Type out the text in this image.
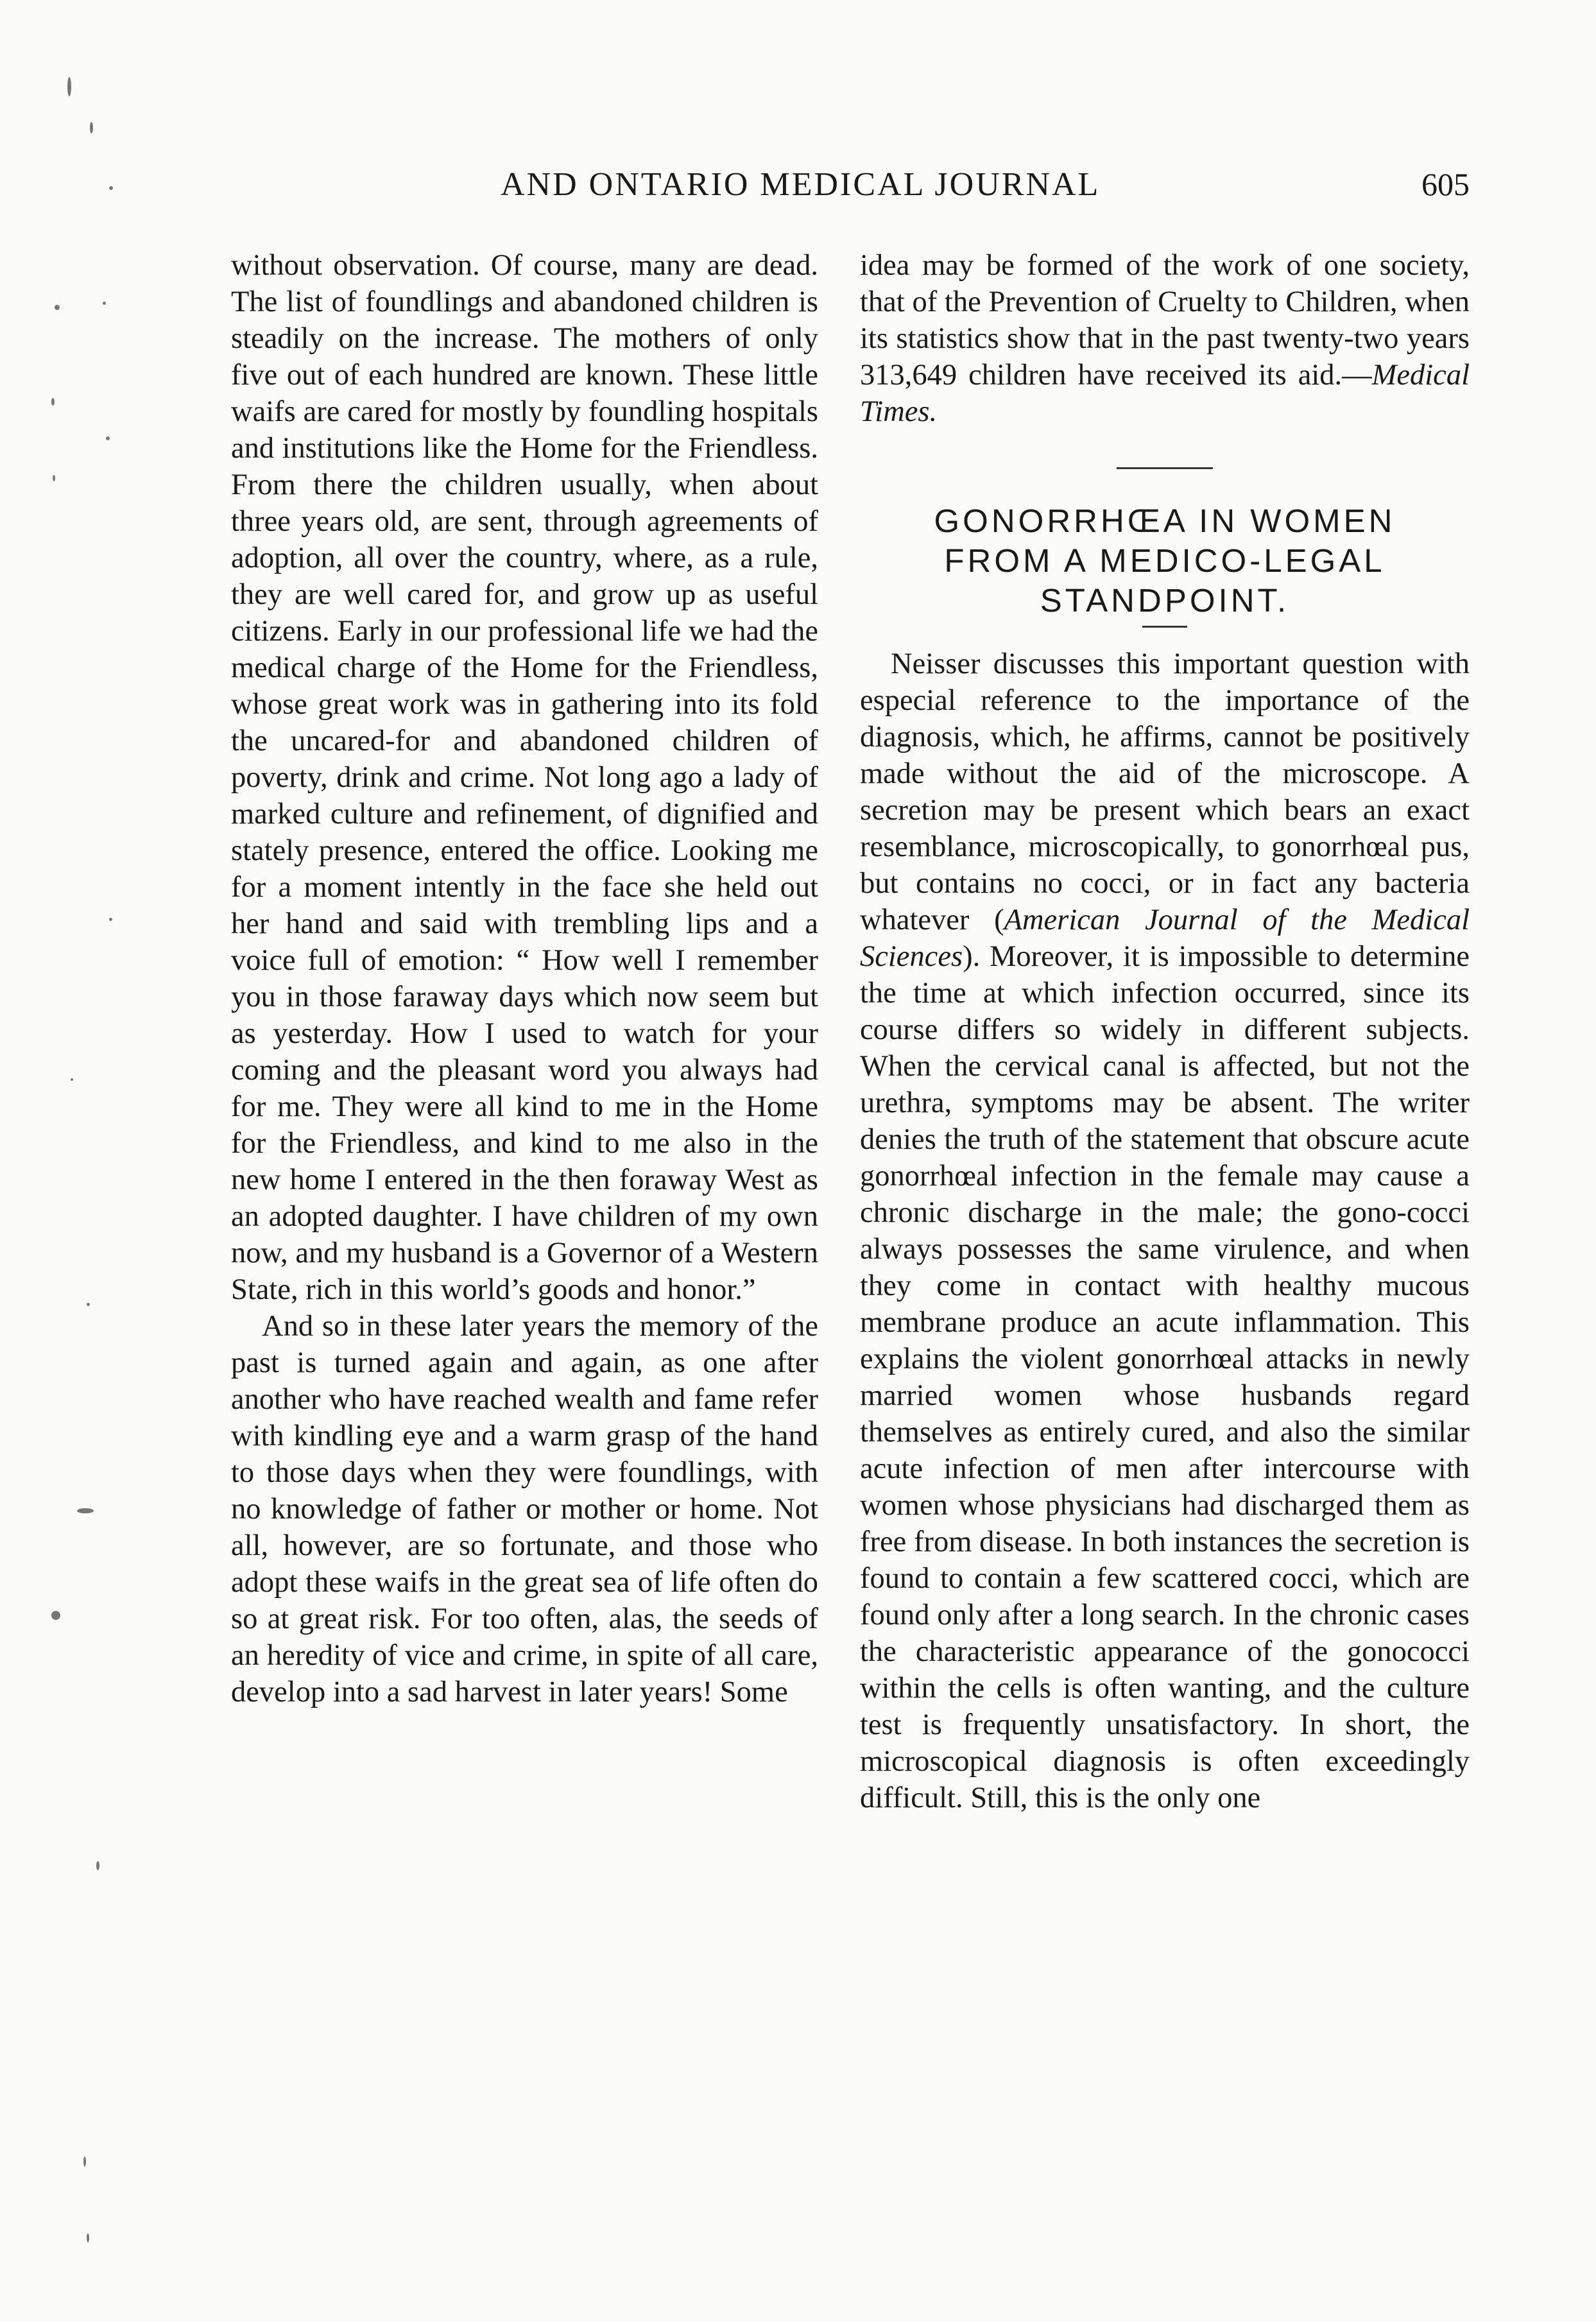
AND ONTARIO MEDICAL JOURNAL	605

without observation. Of course, many are dead. The list of foundlings and abandoned children is steadily on the increase. The mothers of only five out of each hundred are known. These little waifs are cared for mostly by foundling hospitals and institutions like the Home for the Friendless. From there the children usually, when about three years old, are sent, through agreements of adoption, all over the country, where, as a rule, they are well cared for, and grow up as useful citizens. Early in our professional life we had the medical charge of the Home for the Friendless, whose great work was in gathering into its fold the uncared-for and abandoned children of poverty, drink and crime. Not long ago a lady of marked culture and refinement, of dignified and stately presence, entered the office. Looking me for a moment intently in the face she held out her hand and said with trembling lips and a voice full of emotion: “ How well I remember you in those faraway days which now seem but as yesterday. How I used to watch for your coming and the pleasant word you always had for me. They were all kind to me in the Home for the Friendless, and kind to me also in the new home I entered in the then foraway West as an adopted daughter. I have children of my own now, and my husband is a Governor of a Western State, rich in this world’s goods and honor.”

And so in these later years the memory of the past is turned again and again, as one after another who have reached wealth and fame refer with kindling eye and a warm grasp of the hand to those days when they were foundlings, with no knowledge of father or mother or home. Not all, however, are so fortunate, and those who adopt these waifs in the great sea of life often do so at great risk. For too often, alas, the seeds of an heredity of vice and crime, in spite of all care, develop into a sad harvest in later years! Some

idea may be formed of the work of one society, that of the Prevention of Cruelty to Children, when its statistics show that in the past twenty-two years 313,649 children have received its aid.—Medical Times.

GONORRHŒA IN WOMEN

FROM A MEDICO-LEGAL

STANDPOINT.

Neisser discusses this important question with especial reference to the importance of the diagnosis, which, he affirms, cannot be positively made without the aid of the microscope. A secretion may be present which bears an exact resemblance, microscopically, to gonorrhœal pus, but contains no cocci, or in fact any bacteria whatever (American Journal of the Medical Sciences). Moreover, it is impossible to determine the time at which infection occurred, since its course differs so widely in different subjects. When the cervical canal is affected, but not the urethra, symptoms may be absent. The writer denies the truth of the statement that obscure acute gonorrhœal infection in the female may cause a chronic discharge in the male; the gono-cocci always possesses the same virulence, and when they come in contact with healthy mucous membrane produce an acute inflammation. This explains the violent gonorrhœal attacks in newly married women whose husbands regard themselves as entirely cured, and also the similar acute infection of men after intercourse with women whose physicians had discharged them as free from disease. In both instances the secretion is found to contain a few scattered cocci, which are found only after a long search. In the chronic cases the characteristic appearance of the gonococci within the cells is often wanting, and the culture test is frequently unsatisfactory. In short, the microscopical diagnosis is often exceedingly difficult. Still, this is the only one
